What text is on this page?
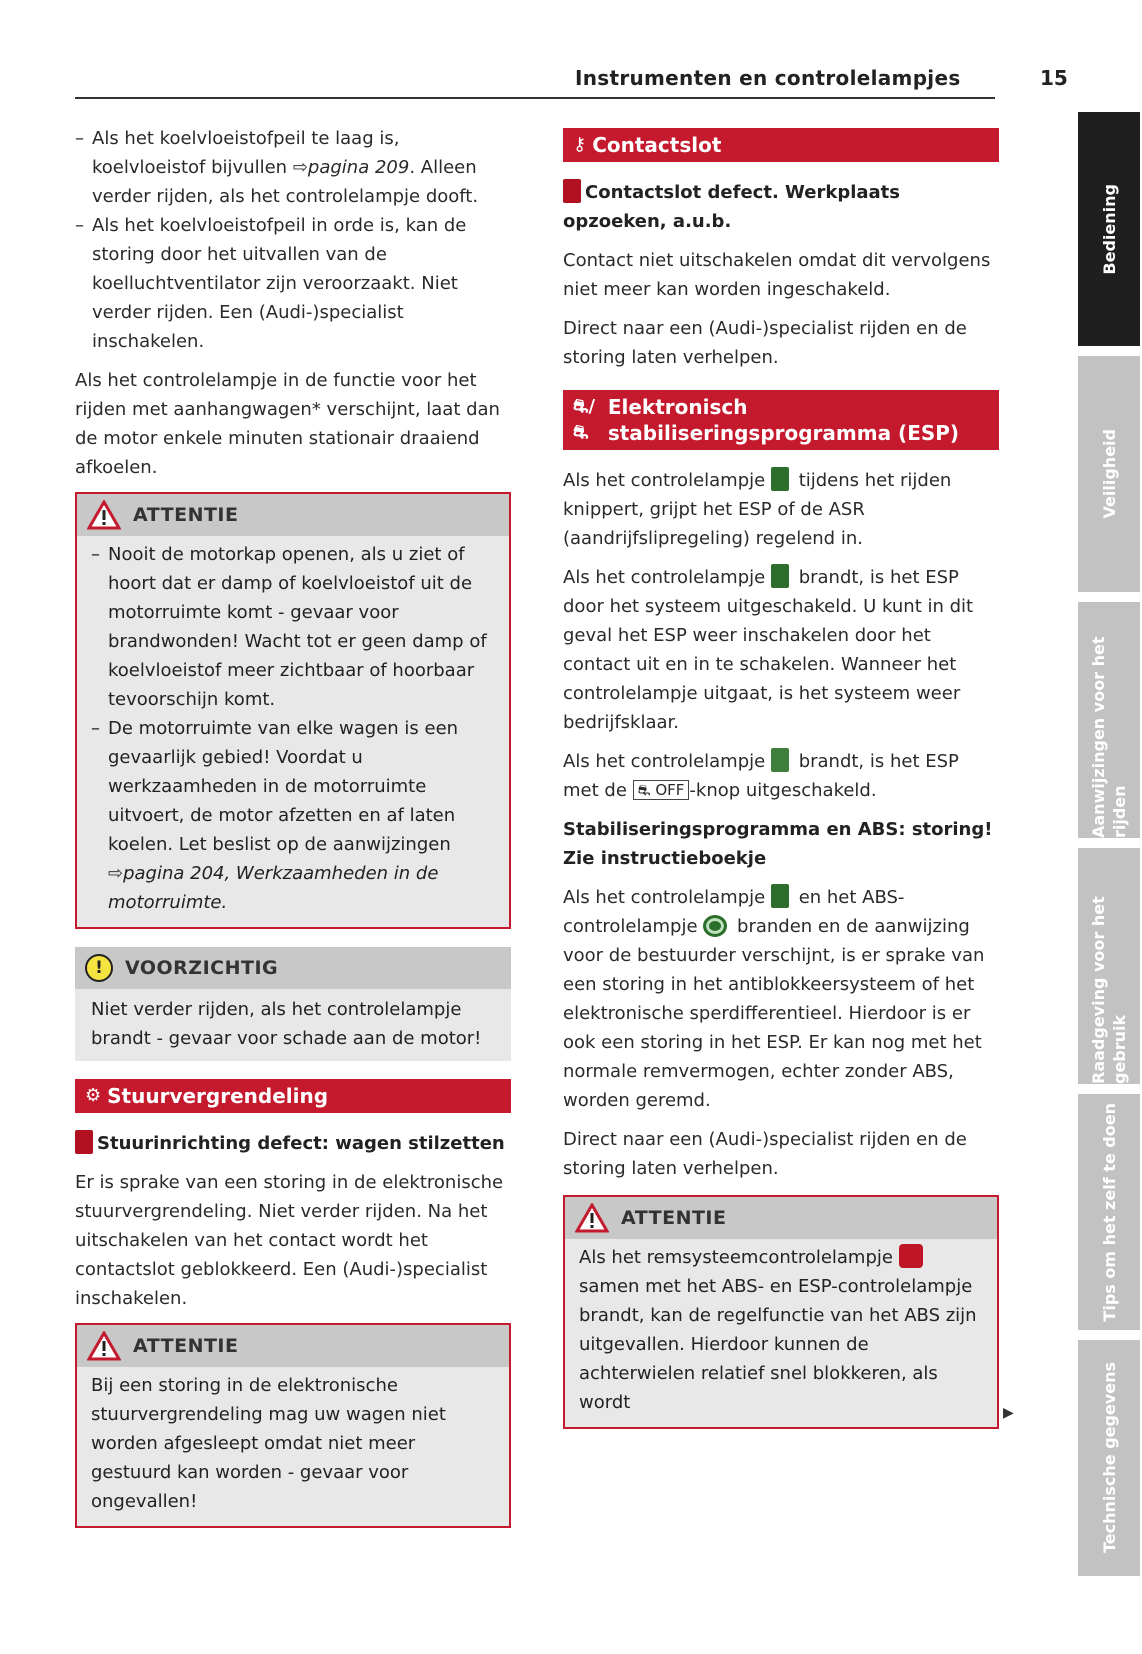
Instrumenten en controlelampjes	15
– Als het koelvloeistofpeil te laag is, koelvloeistof bijvullen ⇨pagina 209. Alleen verder rijden, als het controlelampje dooft.
– Als het koelvloeistofpeil in orde is, kan de storing door het uitvallen van de koelluchtventilator zijn veroorzaakt. Niet verder rijden. Een (Audi-)specialist inschakelen.

Als het controlelampje in de functie voor het rijden met aanhangwagen* verschijnt, laat dan de motor enkele minuten stationair draaiend afkoelen.

ATTENTIE
– Nooit de motorkap openen, als u ziet of hoort dat er damp of koelvloeistof uit de motorruimte komt - gevaar voor brandwonden! Wacht tot er geen damp of koelvloeistof meer zichtbaar of hoorbaar tevoorschijn komt.
– De motorruimte van elke wagen is een gevaarlijk gebied! Voordat u werkzaamheden in de motorruimte uitvoert, de motor afzetten en af laten koelen. Let beslist op de aanwijzingen ⇨pagina 204, Werkzaamheden in de motorruimte.
!	VOORZICHTIG
Niet verder rijden, als het controlelampje brandt - gevaar voor schade aan de motor!
⚙ Stuurvergrendeling
Stuurinrichting defect: wagen stilzetten

Er is sprake van een storing in de elektronische stuurvergrendeling. Niet verder rijden. Na het uitschakelen van het contact wordt het contactslot geblokkeerd. Een (Audi-)specialist inschakelen.

ATTENTIE

Bij een storing in de elektronische stuurvergrendeling mag uw wagen niet worden afgesleept omdat niet meer gestuurd kan worden - gevaar voor ongevallen!

⚷ Contactslot
Contactslot defect. Werkplaats opzoeken, a.u.b.

Contact niet uitschakelen omdat dit vervolgens niet meer kan worden ingeschakeld.

Direct naar een (Audi-)specialist rijden en de storing laten verhelpen.

⛐/⛐
Elektronisch stabiliseringsprogramma (ESP)

Als het controlelampje tijdens het rijden knippert, grijpt het ESP of de ASR (aandrijfslipregeling) regelend in.

Als het controlelampje brandt, is het ESP door het systeem uitgeschakeld. U kunt in dit geval het ESP weer inschakelen door het contact uit en in te schakelen. Wanneer het controlelampje uitgaat, is het systeem weer bedrijfsklaar.

Als het controlelampje brandt, is het ESP met de ⛐ OFF -knop uitgeschakeld.

Stabiliseringsprogramma en ABS: storing! Zie instructieboekje

Als het controlelampje en het ABS-controlelampje branden en de aanwijzing voor de bestuurder verschijnt, is er sprake van een storing in het antiblokkeersysteem of het elektronische sperdifferentieel. Hierdoor is er ook een storing in het ESP. Er kan nog met het normale remvermogen, echter zonder ABS, worden geremd.

Direct naar een (Audi-)specialist rijden en de storing laten verhelpen.

ATTENTIE

Als het remsysteemcontrolelampje  samen met het ABS- en ESP-controlelampje brandt, kan de regelfunctie van het ABS zijn uitgevallen. Hierdoor kunnen de achterwielen relatief snel blokkeren, als wordt	▶
Bediening
Veiligheid
Aanwijzingen voor het rijden
Raadgeving voor het gebruik
Tips om het zelf te doen
Technische gegevens
